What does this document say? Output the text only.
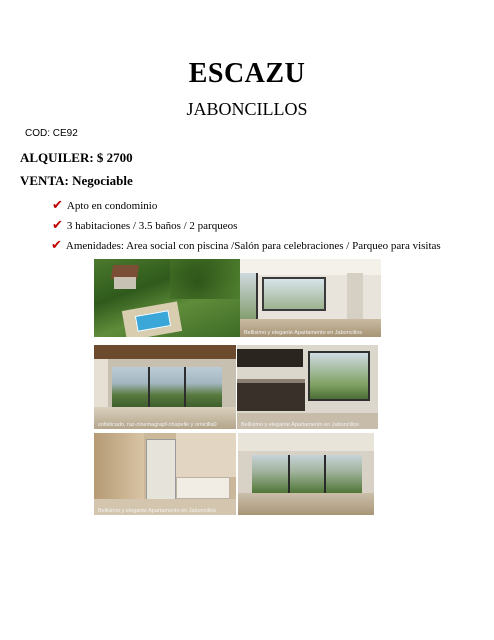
ESCAZU
JABONCILLOS
COD: CE92
ALQUILER: $ 2700
VENTA: Negociable
✔ Apto en condominio
✔ 3 habitaciones / 3.5 baños / 2 parqueos
✔ Amenidades: Area social con piscina /Salón para celebraciones / Parqueo para visitas
Bellisimo y elegante Apartamento en Jaboncillos
sofisticado, raz-cinemagrapf-chapelle y ornicilla0	Bellisimo y elegante Apartamento en Jaboncillos
Bellisimo y elegante Apartamento en Jaboncillos
